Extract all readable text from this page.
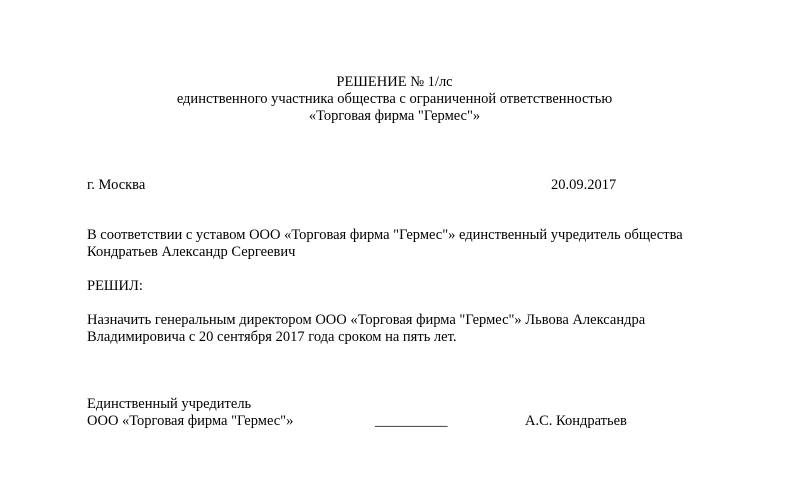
РЕШЕНИЕ № 1/лс
единственного участника общества с ограниченной ответственностью
«Торговая фирма "Гермес"»
г. Москва	20.09.2017
В соответствии с уставом ООО «Торговая фирма "Гермес"» единственный учредитель общества
Кондратьев Александр Сергеевич
РЕШИЛ:
Назначить генеральным директором ООО «Торговая фирма "Гермес"» Львова Александра
Владимировича с 20 сентября 2017 года сроком на пять лет.
Единственный учредитель
ООО «Торговая фирма "Гермес"»	__________	А.С. Кондратьев
